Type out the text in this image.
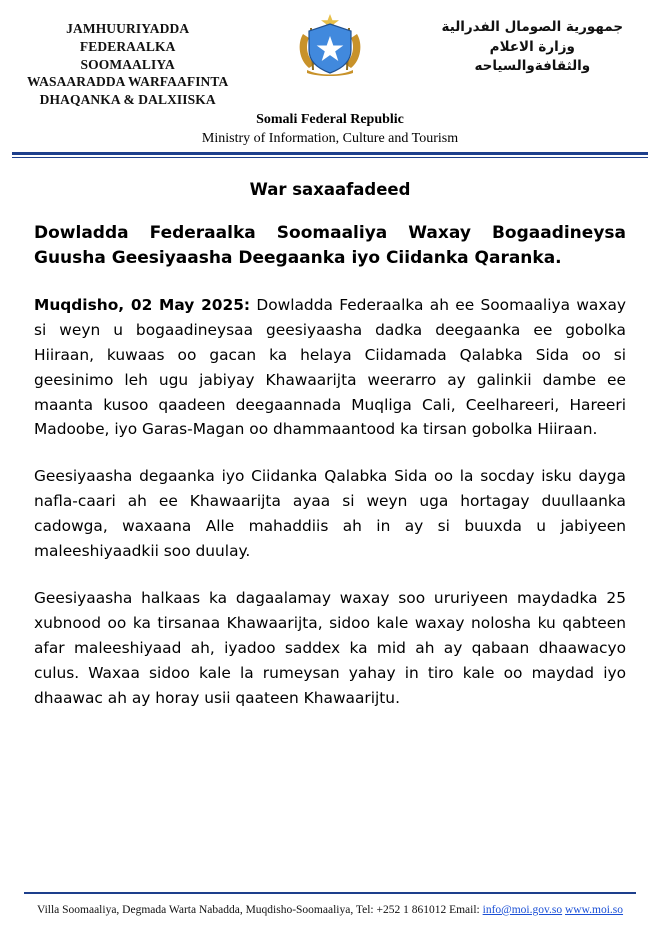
JAMHUURIYADDA FEDERAALKA
SOOMAALIYA
WASAARADDA WARFAAFINTA
DHAQANKA & DALXIISKA
جمهورية الصومال الفدرالية
وزارة الاعلام
والثقافةوالسياحه
Somali Federal Republic
Ministry of Information, Culture and Tourism
War saxaafadeed
Dowladda Federaalka Soomaaliya Waxay Bogaadineysa Guusha Geesiyaasha Deegaanka iyo Ciidanka Qaranka.

Muqdisho, 02 May 2025: Dowladda Federaalka ah ee Soomaaliya waxay si weyn u bogaadineysaa geesiyaasha dadka deegaanka ee gobolka Hiiraan, kuwaas oo gacan ka helaya Ciidamada Qalabka Sida oo si geesinimo leh ugu jabiyay Khawaarijta weerarro ay galinkii dambe ee maanta kusoo qaadeen deegaannada Muqliga Cali, Ceelhareeri, Hareeri Madoobe, iyo Garas-Magan oo dhammaantood ka tirsan gobolka Hiiraan.

Geesiyaasha degaanka iyo Ciidanka Qalabka Sida oo la socday isku dayga nafla-caari ah ee Khawaarijta ayaa si weyn uga hortagay duullaanka cadowga, waxaana Alle mahaddiis ah in ay si buuxda u jabiyeen maleeshiyaadkii soo duulay.

Geesiyaasha halkaas ka dagaalamay waxay soo ururiyeen maydadka 25 xubnood oo ka tirsanaa Khawaarijta, sidoo kale waxay nolosha ku qabteen afar maleeshiyaad ah, iyadoo saddex ka mid ah ay qabaan dhaawacyo culus. Waxaa sidoo kale la rumeysan yahay in tiro kale oo maydad iyo dhaawac ah ay horay usii qaateen Khawaarijtu.

Villa Soomaaliya, Degmada Warta Nabadda, Muqdisho-Soomaaliya, Tel: +252 1 861012 Email: info@moi.gov.so www.moi.so
